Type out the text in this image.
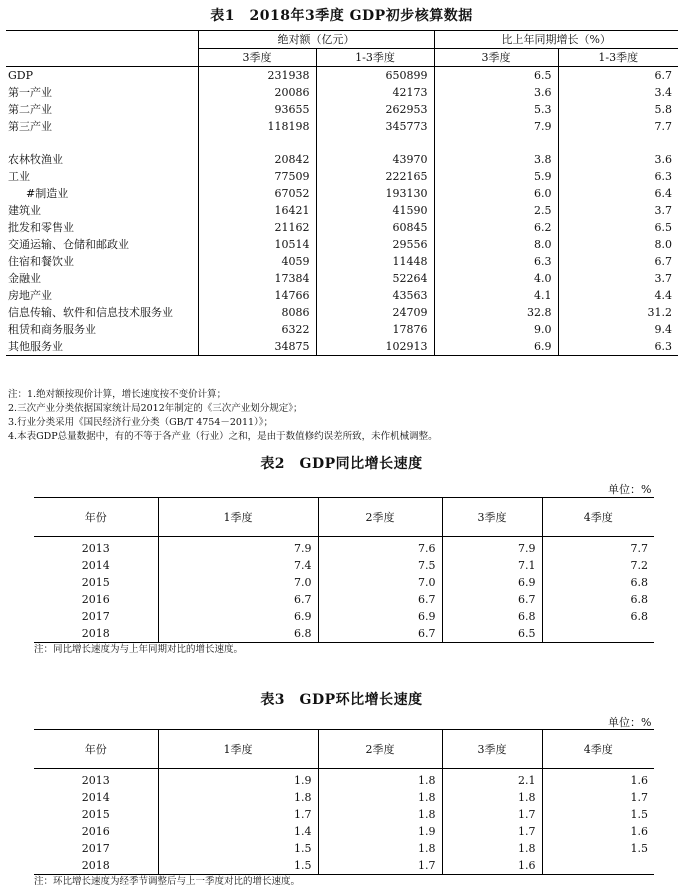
表1　2018年3季度 GDP初步核算数据
	绝对额（亿元）		比上年同期增长（%）	
	3季度	1-3季度	3季度	1-3季度
GDP	231938	650899	6.5	6.7
第一产业	20086	42173	3.6	3.4
第二产业	93655	262953	5.3	5.8
第三产业	118198	345773	7.9	7.7

农林牧渔业	20842	43970	3.8	3.6
工业	77509	222165	5.9	6.3
#制造业	67052	193130	6.0	6.4
建筑业	16421	41590	2.5	3.7
批发和零售业	21162	60845	6.2	6.5
交通运输、仓储和邮政业	10514	29556	8.0	8.0
住宿和餐饮业	4059	11448	6.3	6.7
金融业	17384	52264	4.0	3.7
房地产业	14766	43563	4.1	4.4
信息传输、软件和信息技术服务业	8086	24709	32.8	31.2
租赁和商务服务业	6322	17876	9.0	9.4
其他服务业	34875	102913	6.9	6.3
注：1.绝对额按现价计算，增长速度按不变价计算；
2.三次产业分类依据国家统计局2012年制定的《三次产业划分规定》；
3.行业分类采用《国民经济行业分类（GB/T 4754－2011）》；
4.本表GDP总量数据中，有的不等于各产业（行业）之和，是由于数值修约误差所致，未作机械调整。
表2　GDP同比增长速度
单位：%
年份	1季度	2季度	3季度	4季度
2013	7.9	7.6	7.9	7.7
2014	7.4	7.5	7.1	7.2
2015	7.0	7.0	6.9	6.8
2016	6.7	6.7	6.7	6.8
2017	6.9	6.9	6.8	6.8
2018	6.8	6.7	6.5	
注：同比增长速度为与上年同期对比的增长速度。
表3　GDP环比增长速度
单位：%
年份	1季度	2季度	3季度	4季度
2013	1.9	1.8	2.1	1.6
2014	1.8	1.8	1.8	1.7
2015	1.7	1.8	1.7	1.5
2016	1.4	1.9	1.7	1.6
2017	1.5	1.8	1.8	1.5
2018	1.5	1.7	1.6	
注：环比增长速度为经季节调整后与上一季度对比的增长速度。
